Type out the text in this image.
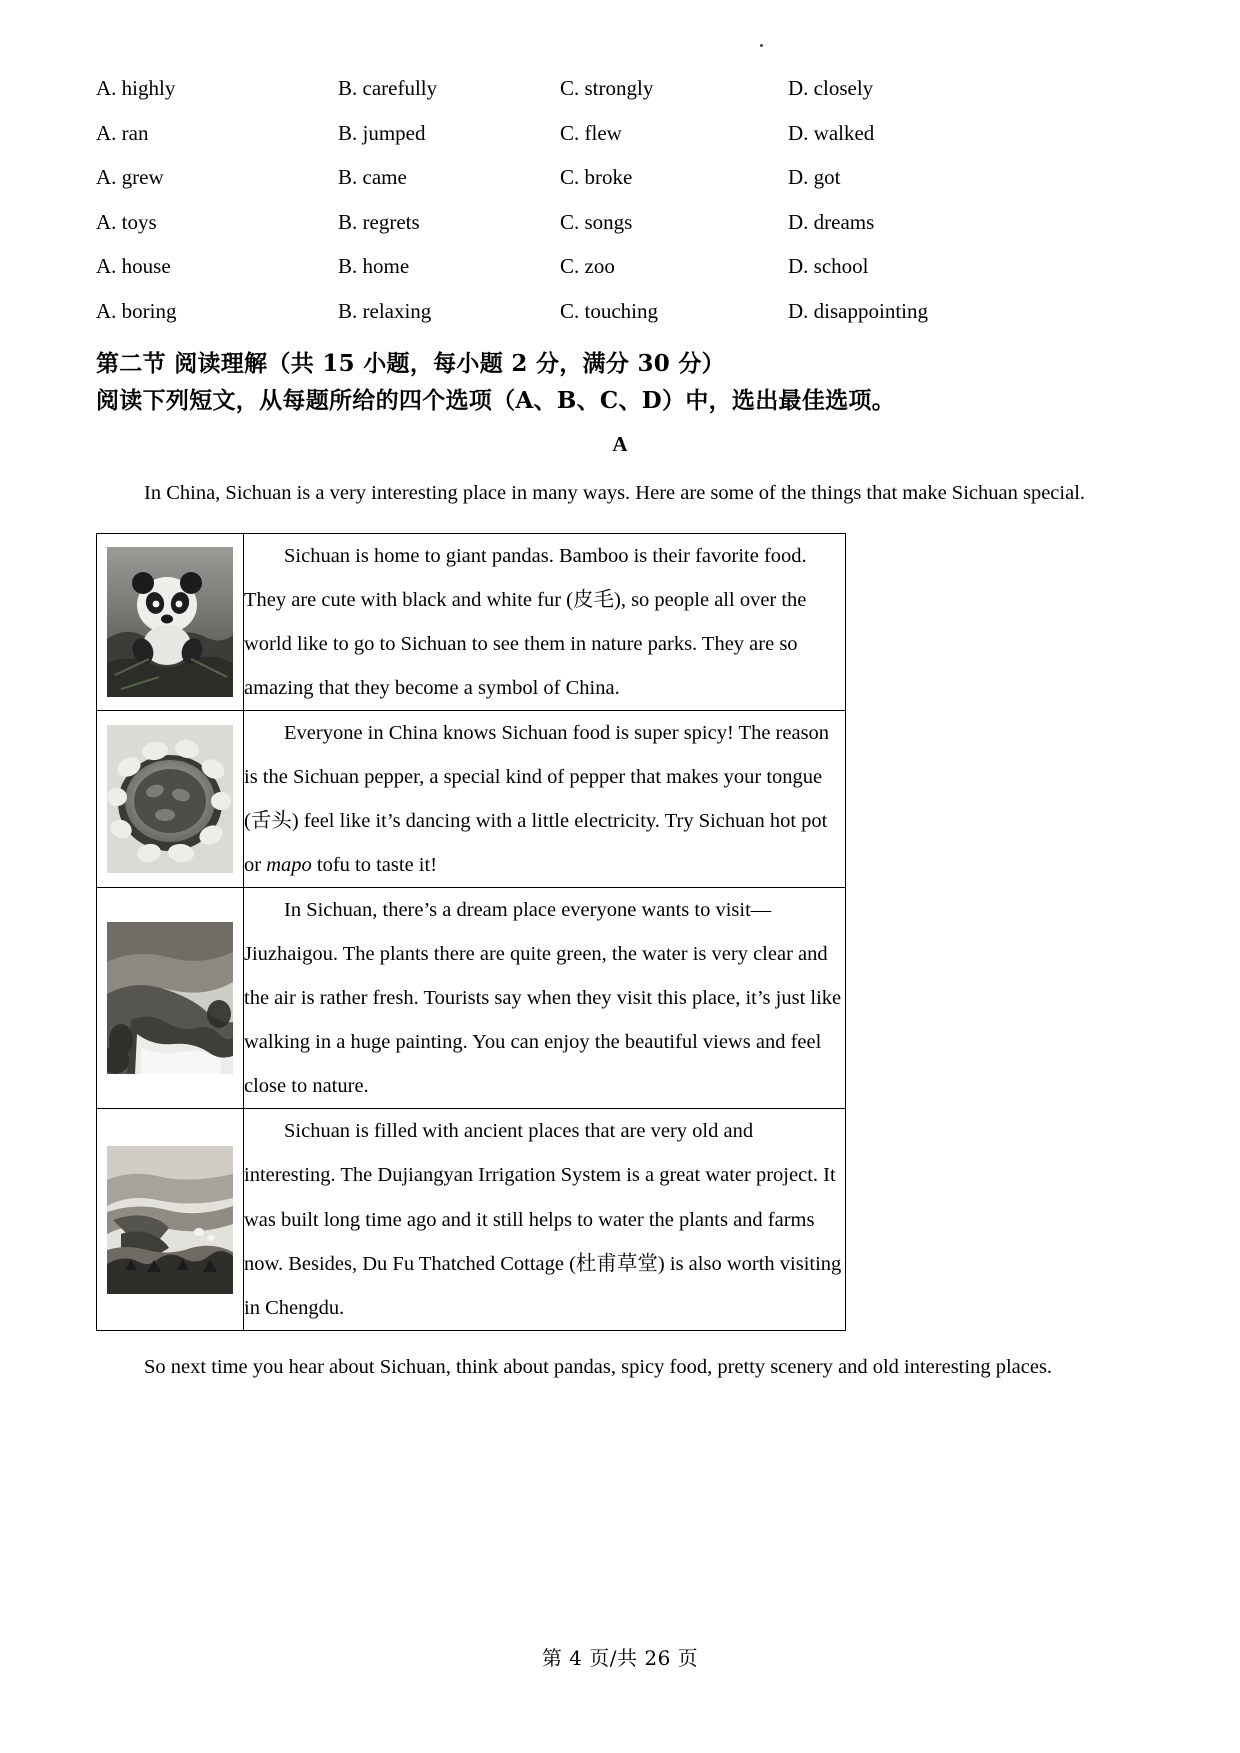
A. highly	B. carefully	C. strongly	D. closely
A. ran	B. jumped	C. flew	D. walked
A. grew	B. came	C. broke	D. got
A. toys	B. regrets	C. songs	D. dreams
A. house	B. home	C. zoo	D. school
A. boring	B. relaxing	C. touching	D. disappointing

第二节 阅读理解（共 15 小题，每小题 2 分，满分 30 分）

阅读下列短文，从每题所给的四个选项（A、B、C、D）中，选出最佳选项。

A

In China, Sichuan is a very interesting place in many ways. Here are some of the things that make Sichuan special.

Sichuan is home to giant pandas. Bamboo is their favorite food. They are cute with black and white fur (皮毛), so people all over the world like to go to Sichuan to see them in nature parks. They are so amazing that they become a symbol of China.

Everyone in China knows Sichuan food is super spicy! The reason is the Sichuan pepper, a special kind of pepper that makes your tongue (舌头) feel like it’s dancing with a little electricity. Try Sichuan hot pot or mapo tofu to taste it!

In Sichuan, there’s a dream place everyone wants to visit—Jiuzhaigou. The plants there are quite green, the water is very clear and the air is rather fresh. Tourists say when they visit this place, it’s just like walking in a huge painting. You can enjoy the beautiful views and feel close to nature.

Sichuan is filled with ancient places that are very old and interesting. The Dujiangyan Irrigation System is a great water project. It was built long time ago and it still helps to water the plants and farms now. Besides, Du Fu Thatched Cottage (杜甫草堂) is also worth visiting in Chengdu.

So next time you hear about Sichuan, think about pandas, spicy food, pretty scenery and old interesting places.

第 4 页/共 26 页
